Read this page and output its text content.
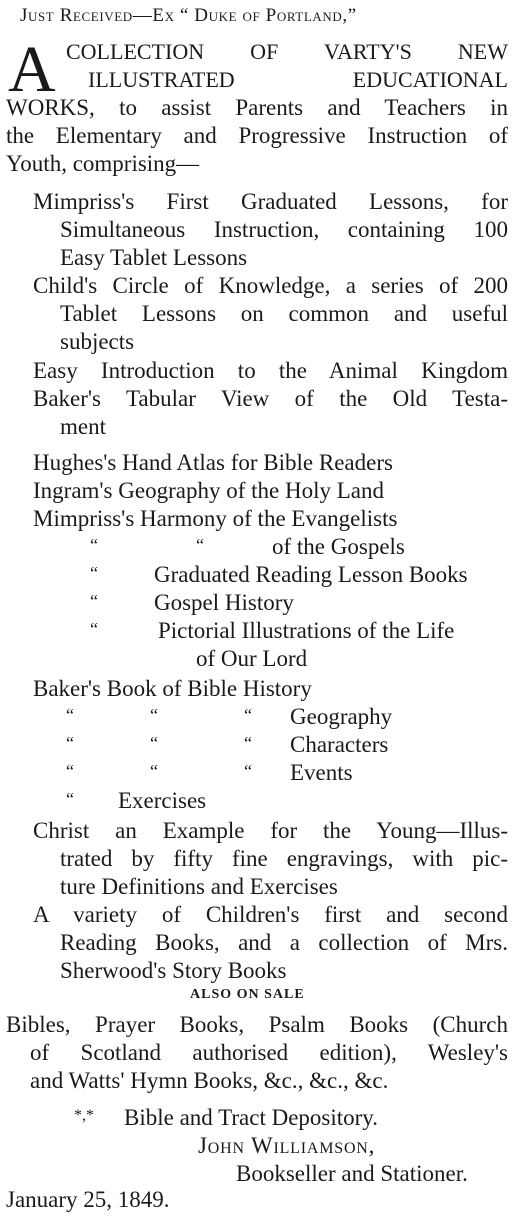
Just Received—Ex “ Duke of Portland,”
A COLLECTION OF VARTY'S NEW
ILLUSTRATED EDUCATIONAL
WORKS, to assist Parents and Teachers in
the Elementary and Progressive Instruction of
Youth, comprising—
Mimpriss's First Graduated Lessons, for
Simultaneous Instruction, containing 100
Easy Tablet Lessons
Child's Circle of Knowledge, a series of 200
Tablet Lessons on common and useful
subjects
Easy Introduction to the Animal Kingdom
Baker's Tabular View of the Old Testa-
ment
Hughes's Hand Atlas for Bible Readers
Ingram's Geography of the Holy Land
Mimpriss's Harmony of the Evangelists
“	“	of the Gospels
“ Graduated Reading Lesson Books
“ Gospel History
“	Pictorial Illustrations of the Life
of Our Lord
Baker's Book of Bible History
“	“	“ Geography
“	“	“ Characters
“	“	“ Events
“ Exercises
Christ an Example for the Young—Illus-
trated by fifty fine engravings, with pic-
ture Definitions and Exercises
A variety of Children's first and second
Reading Books, and a collection of Mrs.
Sherwood's Story Books
ALSO ON SALE
Bibles, Prayer Books, Psalm Books (Church
of Scotland authorised edition), Wesley's
and Watts' Hymn Books, &c., &c., &c.
*,* Bible and Tract Depository.
John Williamson,
Bookseller and Stationer.
January 25, 1849.
